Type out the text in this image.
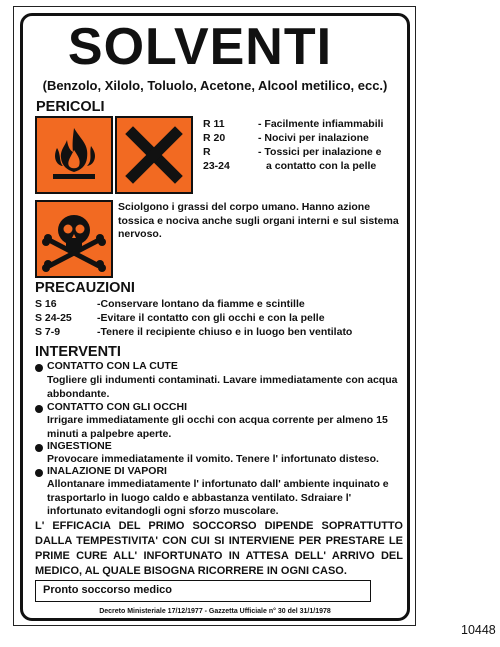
SOLVENTI
(Benzolo, Xilolo, Toluolo, Acetone, Alcool metilico, ecc.)
PERICOLI
R 11	- Facilmente infiammabili
R 20	- Nocivi per inalazione
R	- Tossici per inalazione e
23-24	a contatto con la pelle
Sciolgono i grassi del corpo umano. Hanno azione tossica e nociva anche sugli organi interni e sul sistema nervoso.
PRECAUZIONI
S 16	-Conservare lontano da fiamme e scintille
S 24-25 -Evitare il contatto con gli occhi e con la pelle
S 7-9	-Tenere il recipiente chiuso e in luogo ben ventilato
INTERVENTI
CONTATTO CON LA CUTE
Togliere gli indumenti contaminati. Lavare immediatamente con acqua abbondante.
CONTATTO CON GLI OCCHI
Irrigare immediatamente gli occhi con acqua corrente per almeno 15 minuti a palpebre aperte.
INGESTIONE
Provocare immediatamente il vomito. Tenere l' infortunato disteso.
INALAZIONE DI VAPORI
Allontanare immediatamente l' infortunato dall' ambiente inquinato e trasportarlo in luogo caldo e abbastanza ventilato. Sdraiare l' infortunato evitandogli ogni sforzo muscolare.
L' EFFICACIA DEL PRIMO SOCCORSO DIPENDE SOPRATTUTTO DALLA TEMPESTIVITA' CON CUI SI INTERVIENE PER PRESTARE LE PRIME CURE ALL' INFORTUNATO IN ATTESA DELL' ARRIVO DEL MEDICO, AL QUALE BISOGNA RICORRERE IN OGNI CASO.
Pronto soccorso medico
Decreto Ministeriale 17/12/1977 - Gazzetta Ufficiale n° 30 del 31/1/1978
10448
